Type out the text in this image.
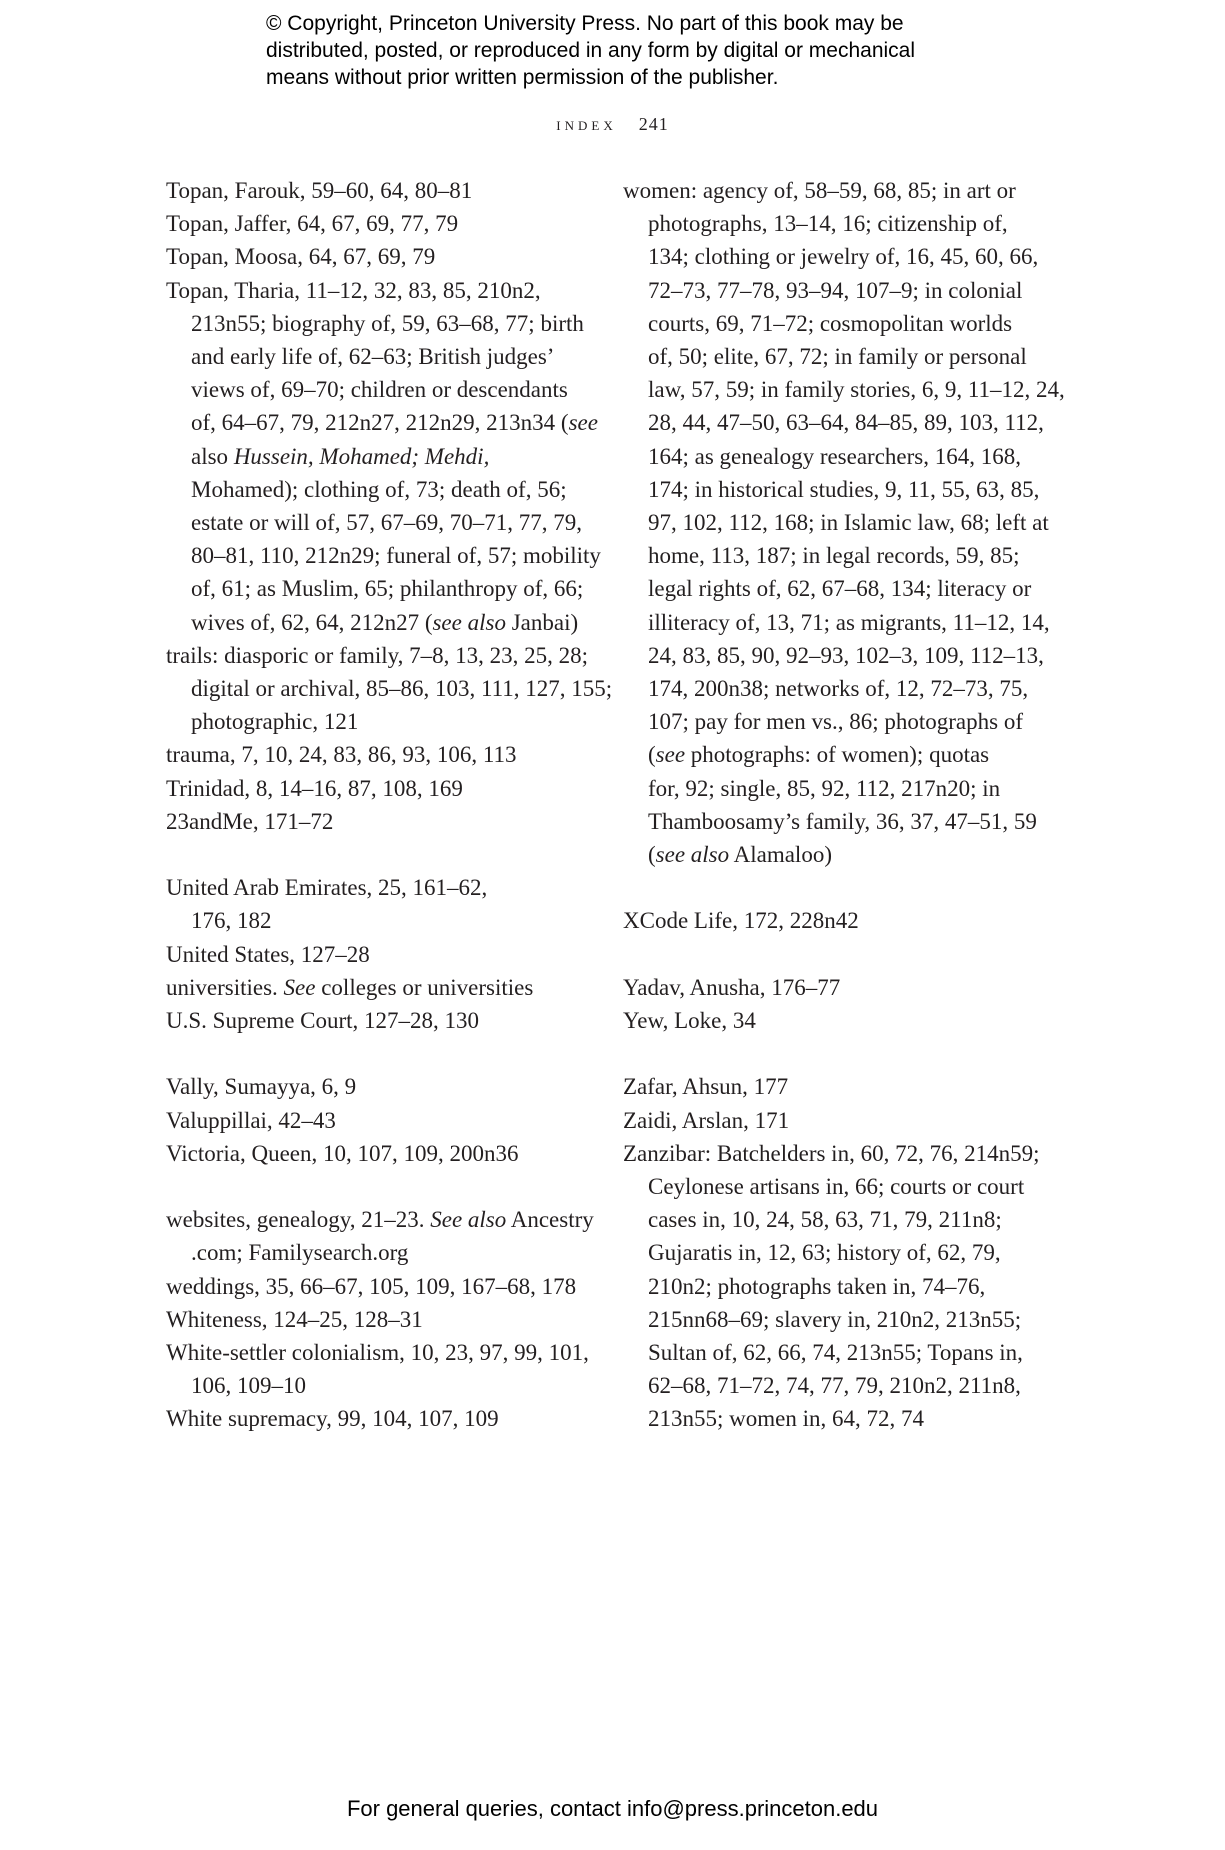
© Copyright, Princeton University Press. No part of this book may be
distributed, posted, or reproduced in any form by digital or mechanical
means without prior written permission of the publisher.
index 241
Topan, Farouk, 59–60, 64, 80–81
Topan, Jaffer, 64, 67, 69, 77, 79
Topan, Moosa, 64, 67, 69, 79
Topan, Tharia, 11–12, 32, 83, 85, 210n2,
213n55; biography of, 59, 63–68, 77; birth
and early life of, 62–63; British judges’
views of, 69–70; children or descendants
of, 64–67, 79, 212n27, 212n29, 213n34 (see
also Hussein, Mohamed; Mehdi,
Mohamed); clothing of, 73; death of, 56;
estate or will of, 57, 67–69, 70–71, 77, 79,
80–81, 110, 212n29; funeral of, 57; mobility
of, 61; as Muslim, 65; philanthropy of, 66;
wives of, 62, 64, 212n27 (see also Janbai)
trails: diasporic or family, 7–8, 13, 23, 25, 28;
digital or archival, 85–86, 103, 111, 127, 155;
photographic, 121
trauma, 7, 10, 24, 83, 86, 93, 106, 113
Trinidad, 8, 14–16, 87, 108, 169
23andMe, 171–72
United Arab Emirates, 25, 161–62,
176, 182
United States, 127–28
universities. See colleges or universities
U.S. Supreme Court, 127–28, 130
Vally, Sumayya, 6, 9
Valuppillai, 42–43
Victoria, Queen, 10, 107, 109, 200n36
websites, genealogy, 21–23. See also Ancestry
.com; Familysearch.org
weddings, 35, 66–67, 105, 109, 167–68, 178
Whiteness, 124–25, 128–31
White-settler colonialism, 10, 23, 97, 99, 101,
106, 109–10
White supremacy, 99, 104, 107, 109
women: agency of, 58–59, 68, 85; in art or
photographs, 13–14, 16; citizenship of,
134; clothing or jewelry of, 16, 45, 60, 66,
72–73, 77–78, 93–94, 107–9; in colonial
courts, 69, 71–72; cosmopolitan worlds
of, 50; elite, 67, 72; in family or personal
law, 57, 59; in family stories, 6, 9, 11–12, 24,
28, 44, 47–50, 63–64, 84–85, 89, 103, 112,
164; as genealogy researchers, 164, 168,
174; in historical studies, 9, 11, 55, 63, 85,
97, 102, 112, 168; in Islamic law, 68; left at
home, 113, 187; in legal records, 59, 85;
legal rights of, 62, 67–68, 134; literacy or
illiteracy of, 13, 71; as migrants, 11–12, 14,
24, 83, 85, 90, 92–93, 102–3, 109, 112–13,
174, 200n38; networks of, 12, 72–73, 75,
107; pay for men vs., 86; photographs of
(see photographs: of women); quotas
for, 92; single, 85, 92, 112, 217n20; in
Thamboosamy’s family, 36, 37, 47–51, 59
(see also Alamaloo)
XCode Life, 172, 228n42
Yadav, Anusha, 176–77
Yew, Loke, 34
Zafar, Ahsun, 177
Zaidi, Arslan, 171
Zanzibar: Batchelders in, 60, 72, 76, 214n59;
Ceylonese artisans in, 66; courts or court
cases in, 10, 24, 58, 63, 71, 79, 211n8;
Gujaratis in, 12, 63; history of, 62, 79,
210n2; photographs taken in, 74–76,
215nn68–69; slavery in, 210n2, 213n55;
Sultan of, 62, 66, 74, 213n55; Topans in,
62–68, 71–72, 74, 77, 79, 210n2, 211n8,
213n55; women in, 64, 72, 74
For general queries, contact info@press.princeton.edu
